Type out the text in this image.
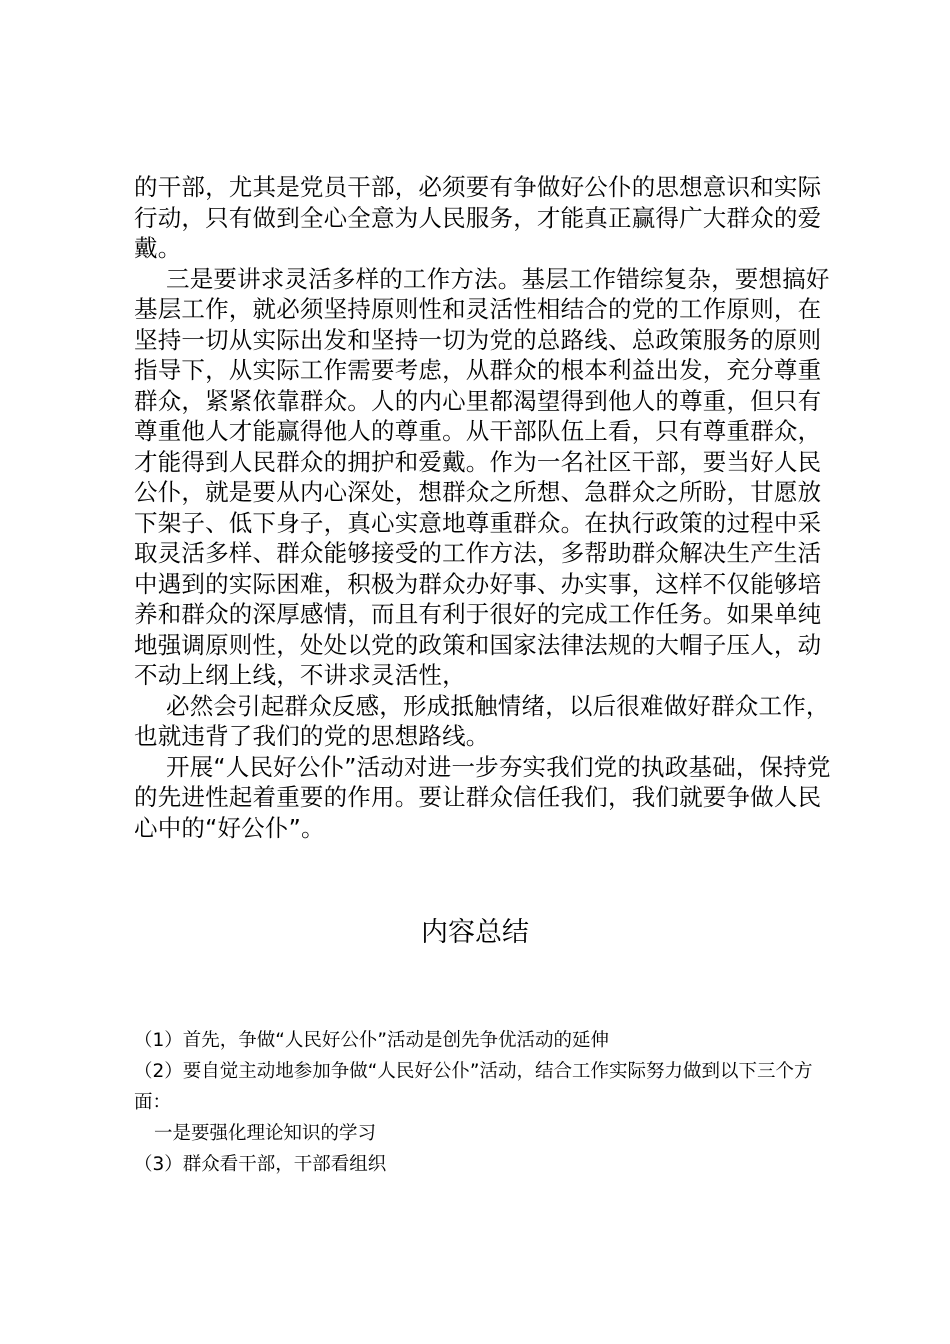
的干部，尤其是党员干部，必须要有争做好公仆的思想意识和实际行动，只有做到全心全意为人民服务，才能真正赢得广大群众的爱戴。

三是要讲求灵活多样的工作方法。基层工作错综复杂，要想搞好基层工作，就必须坚持原则性和灵活性相结合的党的工作原则，在坚持一切从实际出发和坚持一切为党的总路线、总政策服务的原则指导下，从实际工作需要考虑，从群众的根本利益出发，充分尊重群众，紧紧依靠群众。人的内心里都渴望得到他人的尊重，但只有尊重他人才能赢得他人的尊重。从干部队伍上看，只有尊重群众，才能得到人民群众的拥护和爱戴。作为一名社区干部，要当好人民公仆，就是要从内心深处，想群众之所想、急群众之所盼，甘愿放下架子、低下身子，真心实意地尊重群众。在执行政策的过程中采取灵活多样、群众能够接受的工作方法，多帮助群众解决生产生活中遇到的实际困难，积极为群众办好事、办实事，这样不仅能够培养和群众的深厚感情，而且有利于很好的完成工作任务。如果单纯地强调原则性，处处以党的政策和国家法律法规的大帽子压人，动不动上纲上线，不讲求灵活性，

必然会引起群众反感，形成抵触情绪，以后很难做好群众工作，也就违背了我们的党的思想路线。

开展“人民好公仆”活动对进一步夯实我们党的执政基础，保持党的先进性起着重要的作用。要让群众信任我们，我们就要争做人民心中的“好公仆”。

内容总结

（1）首先，争做“人民好公仆”活动是创先争优活动的延伸

（2）要自觉主动地参加争做“人民好公仆”活动，结合工作实际努力做到以下三个方面：

一是要强化理论知识的学习

（3）群众看干部，干部看组织
